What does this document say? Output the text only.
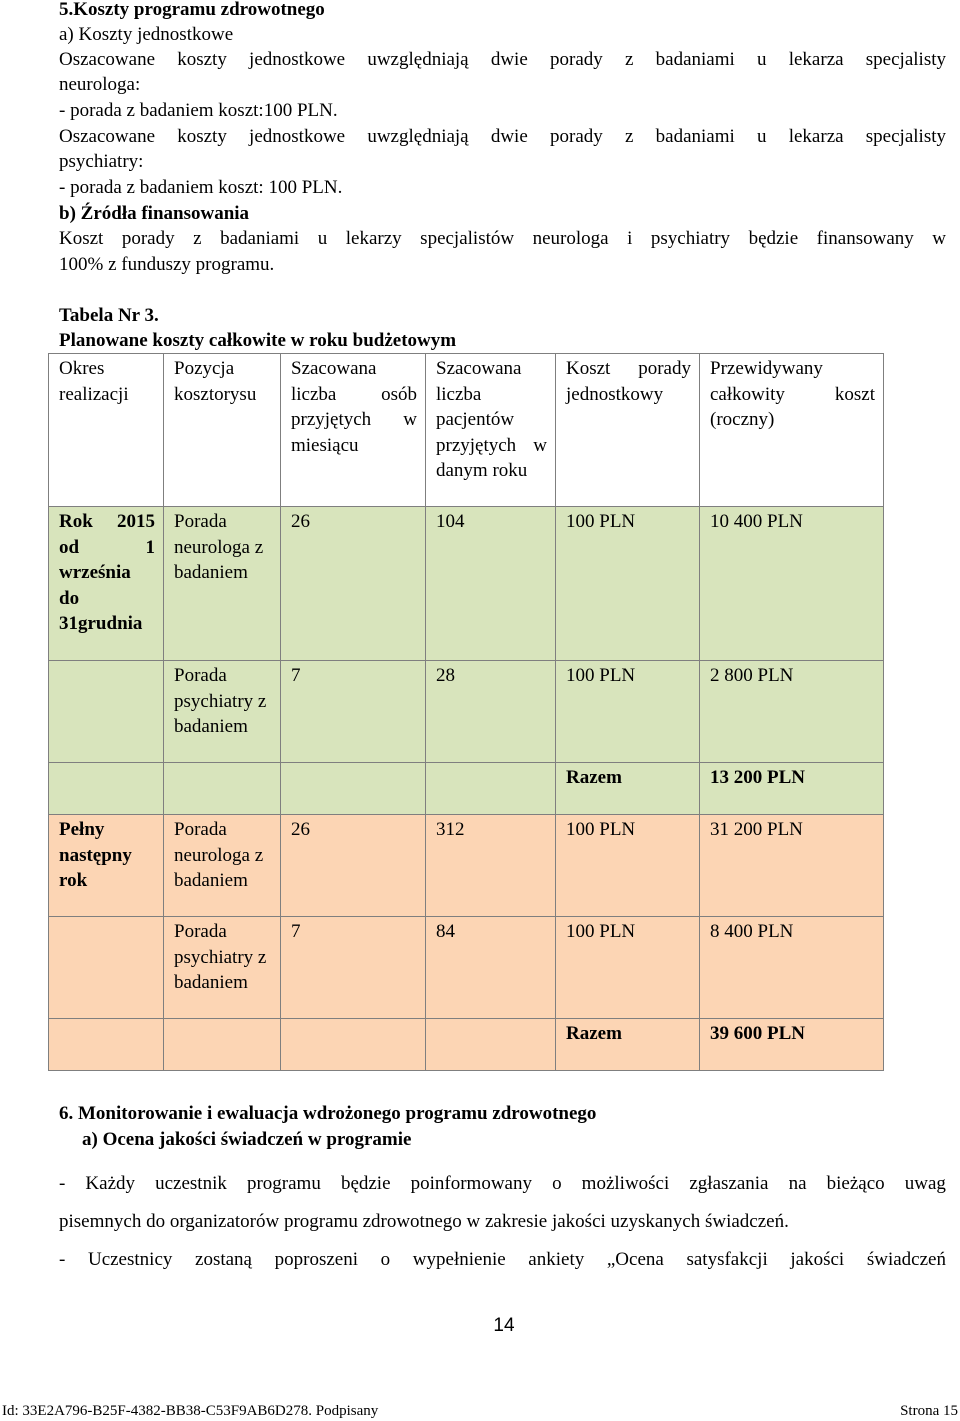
5.Koszty programu zdrowotnego
a) Koszty jednostkowe
Oszacowane koszty jednostkowe uwzględniają dwie porady z badaniami u lekarza specjalisty
neurologa:
- porada z badaniem koszt:100 PLN.
Oszacowane koszty jednostkowe uwzględniają dwie porady z badaniami u lekarza specjalisty
psychiatry:
- porada z badaniem koszt: 100 PLN.
b) Źródła finansowania
Koszt porady z badaniami u lekarzy specjalistów neurologa i psychiatry będzie finansowany w
100% z funduszy programu.
Tabela Nr 3.
Planowane koszty całkowite w roku budżetowym
Okres realizacji	Pozycja kosztorysu	Szacowana liczba osób przyjętych w miesiącu	Szacowana liczba pacjentów przyjętych w danym roku	Koszt porady jednostkowy	Przewidywany całkowity koszt (roczny)
Rok 2015 od 1 września do 31grudnia	Porada neurologa z badaniem	26	104	100 PLN	10 400 PLN
	Porada psychiatry z badaniem	7	28	100 PLN	2 800 PLN
				Razem	13 200 PLN
Pełny następny rok	Porada neurologa z badaniem	26	312	100 PLN	31 200 PLN
	Porada psychiatry z badaniem	7	84	100 PLN	8 400 PLN
				Razem	39 600 PLN
6. Monitorowanie i ewaluacja wdrożonego programu zdrowotnego
a) Ocena jakości świadczeń w programie
- Każdy uczestnik programu będzie poinformowany o możliwości zgłaszania na bieżąco uwag
pisemnych do organizatorów programu zdrowotnego w zakresie jakości uzyskanych świadczeń.
- Uczestnicy zostaną poproszeni o wypełnienie ankiety „Ocena satysfakcji jakości świadczeń
14
Id: 33E2A796-B25F-4382-BB38-C53F9AB6D278. Podpisany	Strona 15
